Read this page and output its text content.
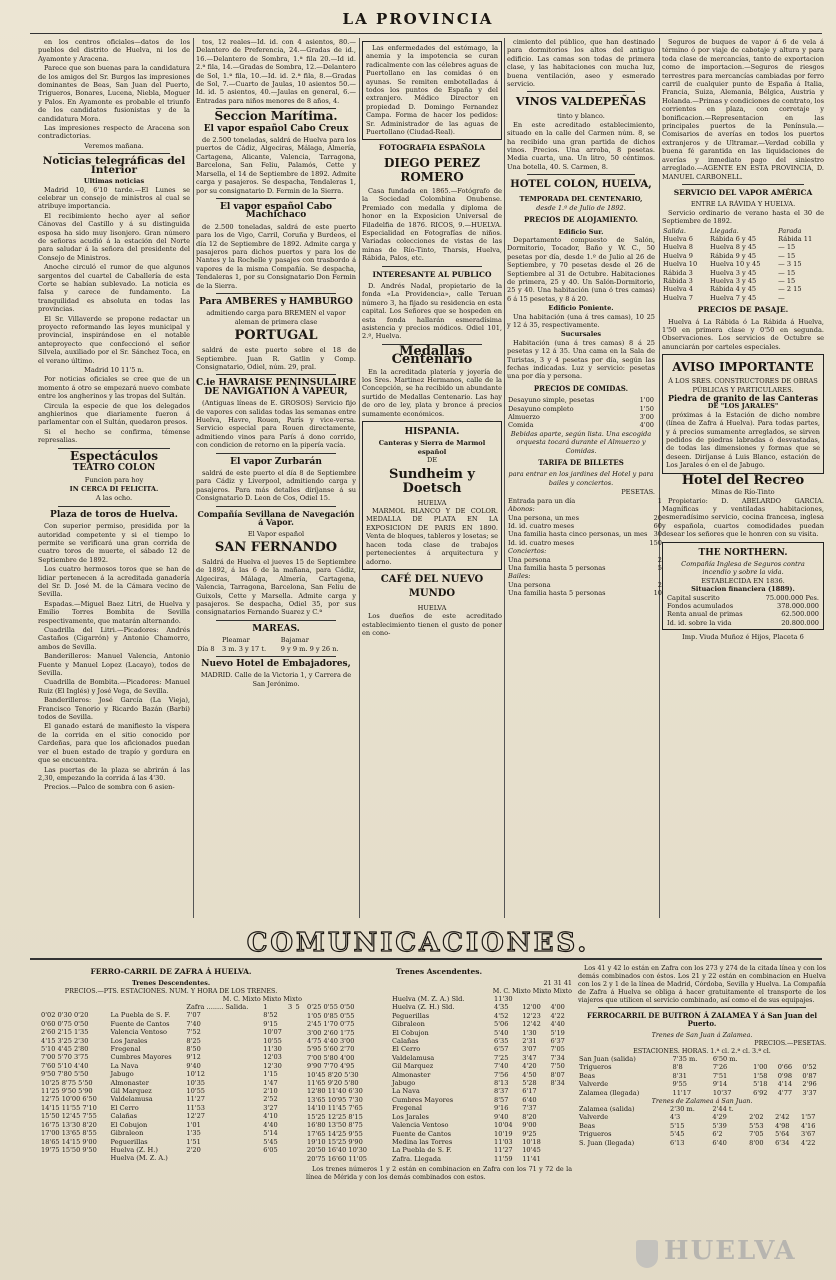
LA PROVINCIA

en los centros oficiales—datos de los pueblos del distrito de Huelva, ni los de Ayamonte y Aracena.

Parece que son buenas para la candidatura de los amigos del Sr. Burgos las impresiones dominantes de Beas, San Juan del Puerto, Trigueros, Bonares, Lucena, Niebla, Moguer y Palos. En Ayamonte es probable el triunfo de los candidatos fusionistas y de la candidatura Mora.

Las impresiones respecto de Aracena son contradictorias.

Veremos mañana.

Noticias telegráficas del Interior
Ultimas noticias

Madrid 10, 6'10 tarde.—El Lunes se celebrar un consejo de ministros al cual se atribuye importancia.

El recibimiento hecho ayer al señor Cánovas del Castillo y á su distinguida esposa ha sido muy lisonjero. Gran número de señoras acudió á la estación del Norte para saludar á la señora del presidente del Consejo de Ministros.

Anoche circuló el rumor de que algunos sargentos del cuartel de Caballería de esta Corte se habían sublevado. La noticia es falsa y carece de fundamento. La tranquilidad es absoluta en todas las provincias.

El Sr. Villaverde se propone redactar un proyecto reformando las leyes municipal y provincial, inspirándose en el notable anteproyecto que confeccionó el señor Silvela, auxiliado por el Sr. Sánchez Toca, en el verano último.

Madrid 10 11'5 n.

Por noticias oficiales se cree que de un momento á otro se empezará nuevo combate entre los angherinos y las tropas del Sultán.

Circula la especie de que los delegados anghierinos que diariamente fueron á parlamentar con el Sultán, quedaron presos.

Si el hecho se confirma, témense represalias.

Espectáculos
TEATRO COLON

Funcion para hoy

IN CERCA DI FELICITA.

A las ocho.

Plaza de toros de Huelva.

Con superior permiso, presidida por la autoridad competente y si el tiempo lo permite se verificará una gran corrida de cuatro toros de muerte, el sábado 12 de Septiembre de 1892.

Los cuatro hermosos toros que se han de lidiar pertenecen á la acreditada ganadería del Sr. D. José M. de la Cámara vecino de Sevilla.

Espadas.—Miguel Baez Litri, de Huelva y Emilio Torres Bombita de Sevilla respectivamente, que matarán alternando.

Cuadrilla del Litri.—Picadores: Andrés Castaños (Cigarrón) y Antonio Chamorro, ambos de Sevilla.

Banderilleros: Manuel Valencia, Antonio Fuente y Manuel Lopez (Lacayo), todos de Sevilla.

Cuadrilla de Bombita.—Picadores: Manuel Ruiz (El Inglés) y José Vega, de Sevilla.

Banderilleros: José García (La Vieja), Francisco Tenorio y Ricardo Bazán (Barbi) todos de Sevilla.

El ganado estará de manifiesto la víspera de la corrida en el sitio conocido por Cardeñas, para que los aficionados puedan ver el buen estado de trapío y gordura en que se encuentra.

Las puertas de la plaza se abrirán á las 2,30, empezando la corrida á las 4'30.

Precios.—Palco de sombra con 6 asien-

tos, 12 reales—Id. id. con 4 asientos, 80.—Delantero de Preferencia, 24.—Gradas de id., 16.—Delantero de Sombra, 1.ª fila 20.—Id id. 2.ª fila, 14.—Gradas de Sombra, 12.—Delantero de Sol, 1.ª fila, 10.—Id. id. 2.ª fila, 8.—Gradas de Sol, 7.—Cuarto de Jaulas, 10 asientos 50.—Id. id. 5 asientos, 40.—Jaulas en general, 6.—Entradas para niños menores de 8 años, 4.

Seccion Marítima.
El vapor español Cabo Creux

de 2.500 toneladas, saldrá de Huelva para los puertos de Cádiz, Algeciras, Málaga, Almería, Cartagena, Alicante, Valencia, Tarragona, Barcelona, San Feliu, Palamós, Cette y Marsella, el 14 de Septiembre de 1892. Admite carga y pasajeros. Se despacha, Tendaleras 1, por su consignatario D. Fermin de la Sierra.

El vapor español Cabo Machichaco

de 2.500 toneladas, saldrá de este puerto para los de Vigo, Carril, Coruña y Burdeos, el día 12 de Septiembre de 1892. Admite carga y pasajeros para dichos puertos y para los de Nantes y la Rochelle y pasajes con trasbordo á vapores de la misma Compañía. Se despacha, Tendaleras 1, por su Consignatario Don Fermin de la Sierra.

Para AMBERES y HAMBURGO

admitiendo carga para BREMEN el vapor aleman de primera clase

PORTUGAL

saldrá de este puerto sobre el 18 de Septiembre. Juan R. Gatlin y Comp. Consignatario, Odiel, núm. 29, pral.

C.ie HAVRAISE PENINSULAIRE DE NAVIGATION Á VAPEUR,

(Antiguas líneas de E. GROSOS) Servicio fijo de vapores con salidas todas las semanas entre Huelva, Havre, Rouen, París y vice-versa. Servicio especial para Rouen directamente, admitiendo vinos para París á dono corrido, con condicion de retorno en la pipería vacía.

El vapor Zurbarán

saldrá de este puerto el día 8 de Septiembre para Cádiz y Liverpool, admitiendo carga y pasajeros. Para más detalles diríjanse á su Consignatario D. Leon de Cos, Odiel 15.

Compañía Sevillana de Navegación á Vapor.

El Vapor español

SAN FERNANDO

Saldrá de Huelva el jueves 15 de Septiembre de 1892, á las 6 de la mañana, para Cádiz, Algeciras, Málaga, Almería, Cartagena, Valencia, Tarragona, Barcelona, San Feliu de Guixols, Cette y Marsella. Admite carga y pasajeros. Se despacha, Odiel 35, por sus consignatarios Fernando Suarez y C.ª

MAREAS.
	Pleamar	Bajamar
Día 8	3 m. 3 y 17 t.	9 y 9 m. 9 y 26 n.
Nuevo Hotel de Embajadores,

MADRID. Calle de la Victoria 1, y Carrera de San Jerónimo.

Las enfermedades del estómago, la anemia y la impotencia se curan radicalmente con las célebres aguas de Puertollano en las comidas ó en ayunas. Se remiten embotelladas á todos los puntos de España y del extranjero. Médico Director en propiedad D. Domingo Fernandez Campa. Forma de hacer los pedidos: Sr. Administrador de las aguas de Puertollano (Ciudad-Real).

FOTOGRAFIA ESPAÑOLA
DIEGO PEREZ ROMERO

Casa fundada en 1865.—Fotógrafo de la Sociedad Colombina Onubense. Premiado con medalla y diploma de honor en la Exposicion Universal de Filadelfia de 1876. RICOS, 9.—HUELVA. Especialidad en Fotografías de niños. Variadas colecciones de vistas de las minas de Río-Tinto, Tharsis, Huelva, Rábida, Palos, etc.

INTERESANTE AL PUBLICO

D. Andrés Nadal, propietario de la fonda «La Providencia», calle Teruan número 3, ha fijado su residencia en esta capital. Los Señores que se hospeden en esta fonda hallarán esmeradísima asistencia y precios módicos. Odiel 101, 2.º, Huelva.

Medallas Centenario

En la acreditada platería y joyería de los Sres. Martinez Hermanos, calle de la Concepción, se ha recibido un abundante surtido de Medallas Centenario. Las hay de oro de ley, plata y bronce á precios sumamente económicos.

HISPANIA.
Canteras y Sierra de Marmol español
DE
Sundheim y Doetsch
HUELVA

MARMOL BLANCO Y DE COLOR. MEDALLA DE PLATA EN LA EXPOSICION DE PARIS EN 1890. Venta de bloques, tableros y losetas; se hacen toda clase de trabajos pertenecientes á arquitectura y adorno.

CAFÉ DEL NUEVO MUNDO
HUELVA

Los dueños de este acreditado establecimiento tienen el gusto de poner en cono-

cimiento del público, que han destinado para dormitorios los altos del antiguo edificio. Las camas son todas de primera clase, y las habitaciones con mucha luz, buena ventilación, aseo y esmerado servicio.

VINOS VALDEPEÑAS
tinto y blanco.

En este acreditado establecimiento, situado en la calle del Carmen núm. 8, se ha recibido una gran partida de dichos vinos. Precios. Una arroba, 8 pesetas. Media cuarta, una. Un litro, 50 céntimos. Una botella, 40. S. Carmen, 8.

HOTEL COLON, HUELVA,
TEMPORADA DEL CENTENARIO,
desde 1.º de Julio de 1892.
PRECIOS DE ALOJAMIENTO.
Edificio Sur.

Departamento compuesto de Salón, Dormitorio, Tocador, Baño y W. C., 50 pesetas por día, desde 1.º de Julio al 26 de Septiembre, y 70 pesetas desde el 26 de Septiembre al 31 de Octubre. Habitaciones de primera, 25 y 40. Un Salón-Dormitorio, 25 y 40. Una habitación (una ó tres camas) 6 á 15 pesetas, y 8 á 20.

Edificio Poniente.

Una habitación (una á tres camas), 10 25 y 12 á 35, respectivamente.

Sucursales

Habitación (una á tres camas) 8 á 25 pesetas y 12 á 35. Una cama en la Sala de Turistas, 3 y 4 pesetas por día, según las fechas indicadas. Luz y servicio: pesetas una por día y persona.

PRECIOS DE COMIDAS.
Desayuno simple, pesetas	1'00
Desayuno completo	1'50
Almuerzo	3'00
Comida	4'00

Bebidas aparte, según lista. Una escogida orquesta tocará durante el Almuerzo y Comidas.

TARIFA DE BILLETES

para entrar en los jardines del Hotel y para bailes y conciertos.

PESETAS.
Entrada para un día	1
Abonos:	
Una persona, un mes	20
Id. id. cuatro meses	60
Una familia hasta cinco personas, un mes	30
Id. id. cuatro meses	150
Conciertos:	
Una persona	2
Una familia hasta 5 personas	5
Bailes:	
Una persona	2
Una familia hasta 5 personas	10

Seguros de buques de vapor á 6 de vela á término ó por viaje de cabotaje y altura y para toda clase de mercancías, tanto de exportacion como de importacion.—Seguros de riesgos terrestres para mercancías cambiadas por ferro carril de cualquier punto de España á Italia, Francia, Suiza, Alemania, Bélgica, Austria y Holanda.—Primas y condiciones de contrato, los corrientes en plaza, con corretaje y bonificacion.—Representacion en las principales puertos de la Península.—Comisarios de averías en todos los puertos extranjeros y de Ultramar.—Verdad cobilla y buena fé garantida en las liquidaciones de averías y inmediato pago del siniestro arreglado.—AGENTE EN ESTA PROVINCIA, D. MANUEL CARBONELL.

SERVICIO DEL VAPOR AMÉRICA
ENTRE LA RÁVIDA Y HUELVA.

Servicio ordinario de verano hasta el 30 de Septiembre de 1892.

Salida.	Llegada.	Parada
Huelva 6	Rábida 6 y 45	Rábida 11
Huelva 8	Huelva 8 y 45	— 15
Huelva 9	Rábida 9 y 45	— 15
Huelva 10	Huelva 10 y 45	— 3 15
Rábida 3	Huelva 3 y 45	— 15
Rábida 3	Huelva 3 y 45	— 15
Huelva 4	Rábida 4 y 45	— 2 15
Huelva 7	Huelva 7 y 45	—
PRECIOS DE PASAJE.

Huelva á La Rábida ó La Rábida á Huelva, 1'50 en primera clase y 0'50 en segunda. Observaciones. Los servicios de Octubre se anunciarán por carteles especiales.

AVISO IMPORTANTE
Á LOS SRES. CONSTRUCTORES DE OBRAS PÚBLICAS Y PARTICULARES.
Piedra de granito de las Canteras
DE "LOS JARALES"

próximas á la Estación de dicho nombre (línea de Zafra á Huelva). Para todas partes, y á precios sumamente arreglados, se sirven pedidos de piedras labradas ó desvastadas, de todas las dimensiones y formas que se deseen. Diríjanse á Luis Blanco, estación de Los Jarales ó en el de Jabugo.

Hotel del Recreo
Minas de Río-Tinto

Propietario: D. ABELARDO GARCIA. Magníficas y ventiladas habitaciones, esmeradísimo servicio, cocina francesa, inglesa y española, cuartos comodidades puedan desear los señores que le honren con su visita.

THE NORTHERN.
Compañía Inglesa de Seguros contra incendio y sobre la vida.
ESTABLECIDA EN 1836.
Situacion financiera (1889).
Capital suscrito	75.000.000 Pes.
Fondos acumulados	378.000.000
Renta anual de primas	62.500.000
Id. id. sobre la vida	20.800.000

Imp. Viuda Muñoz é Hijos, Placeta 6

COMUNICACIONES.
FERRO-CARRIL DE ZAFRA Á HUELVA.
Trenes Descendentes.
PRECIOS.—PTS. ESTACIONES. NUM. Y HORA DE LOS TRENES.
M. C. Mixto Mixto Mixto
		Zafra ........ Salida.	1	3	5
0'02 0'30 0'20	La Puebla de S. F.	7'07	8'52		
0'60 0'75 0'50	Fuente de Cantos	7'40	9'15		
2'60 2'15 1'35	Valencia Ventoso	7'52	10'07		
4'15 3'25 2'30	Los Jarales	8'25	10'55		
5'10 4'45 2'80	Fregenal	8'50	11'30		
7'00 5'70 3'75	Cumbres Mayores	9'12	12'03		
7'60 5'10 4'40	La Nava	9'40	12'30		
9'50 7'80 5'50	Jabugo	10'12	1'15		
10'25 8'75 5'50	Almonaster	10'35	1'47		
11'25 9'50 5'90	Gil Marquez	10'55	2'10		
12'75 10'00 6'50	Valdelamusa	11'27	2'52		
14'15 11'55 7'10	El Cerro	11'53	3'27		
15'50 12'45 7'55	Calañas	12'27	4'10		
16'75 13'30 8'20	El Cobujon	1'01	4'40		
17'00 13'65 8'55	Gibraleon	1'35	5'14		
18'65 14'15 9'00	Peguerillas	1'51	5'45		
19'75 15'50 9'50	Huelva (Z. H.)	2'20	6'05		
	Huelva (M. Z. A.)				
Trenes Ascendentes.
21 31 41
M. C. Mixto Mixto Mixto
	Huelva (M. Z. A.) Sld.	11'30		
0'25 0'55 0'50	Huelva (Z. H.) Sld.	4'35	12'00	4'00
1'05 0'85 0'55	Peguerillas	4'52	12'23	4'22
2'45 1'70 0'75	Gibraleon	5'06	12'42	4'40
3'00 2'60 1'75	El Cobujon	5'40	1'30	5'19
4'75 4'40 3'00	Calañas	6'35	2'31	6'37
5'95 5'60 2'70	El Cerro	6'57	3'07	7'05
7'00 5'80 4'00	Valdelamusa	7'25	3'47	7'34
9'90 7'70 4'95	Gil Marquez	7'40	4'20	7'50
10'45 8'20 5'30	Almonaster	7'56	4'50	8'07
11'65 9'20 5'80	Jabugo	8'13	5'28	8'34
12'80 11'40 6'30	La Nava	8'37	6'17	
13'65 10'95 7'30	Cumbres Mayores	8'57	6'40	
14'10 11'45 7'65	Fregenal	9'16	7'37	
15'25 12'25 8'15	Los Jarales	9'40	8'20	
16'80 13'50 8'75	Valencia Ventoso	10'04	9'00	
17'65 14'25 9'55	Fuente de Cantos	10'19	9'25	
19'10 15'25 9'90	Medina las Torres	11'03	10'18	
20'50 16'40 10'30	La Puebla de S. F.	11'27	10'45	
20'75 16'60 11'05	Zafra. Llegada	11'59	11'41	

Los trenes números 1 y 2 están en combinacion en Zafra con los 71 y 72 de la línea de Mérida y con los demás combinados con estos.

Los 41 y 42 lo están en Zafra con los 273 y 274 de la citada línea y con los demás combinados con éstos. Los 21 y 22 están en combinacion en Huelva con los 2 y 1 de la línea de Madrid, Córdoba, Sevilla y Huelva. La Compañía de Zafra á Huelva se obliga á hacer gratuitamente el transporte de los viajeros que utilicen el servicio combinado, así como el de sus equipajes.

FERROCARRIL DE BUITRON Á ZALAMEA Y á San Juan del Puerto.
Trenes de San Juan á Zalamea.
PRECIOS.—PESETAS.
ESTACIONES. HORAS. 1.ª cl. 2.ª cl. 3.ª cl.
San Juan (salida)	7'35 m.	6'50 m.			
Trigueros	8'8	7'26	1'00	0'66	0'52
Beas	8'31	7'51	1'58	0'98	0'87
Valverde	9'55	9'14	5'18	4'14	2'96
Zalamea (llegada)	11'17	10'37	6'92	4'77	3'37
Trenes de Zalamea á San Juan.
Zalamea (salida)	2'30 m.	2'44 t.			
Valverde	4'3	4'29	2'02	2'42	1'57
Beas	5'15	5'39	5'53	4'98	4'16
Trigueros	5'45	6'2	7'05	5'64	3'67
S. Juan (llegada)	6'13	6'40	8'00	6'34	4'22
HUELVA
